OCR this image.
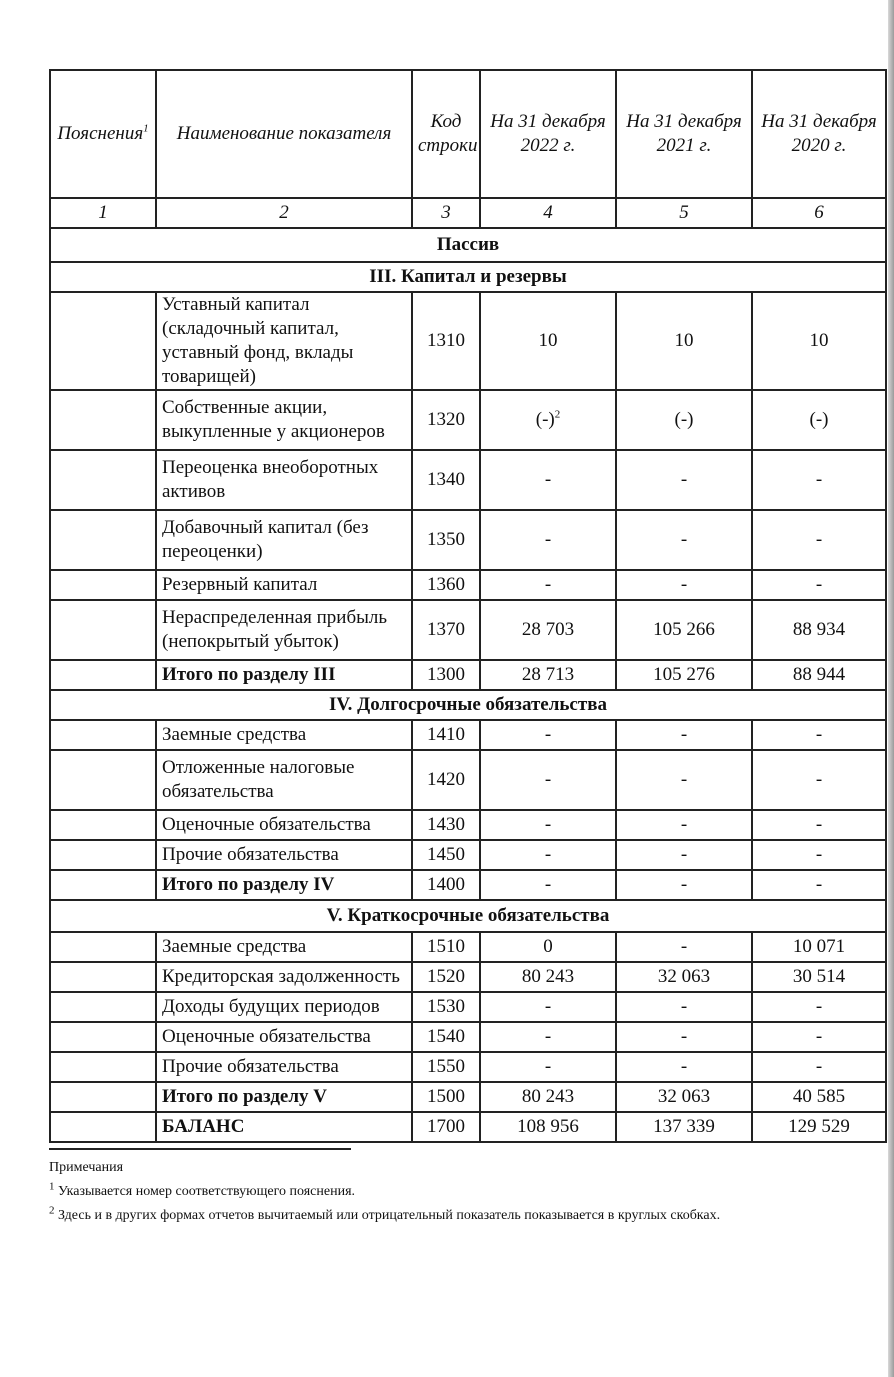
Пояснения$^1$	Наименование показателя	Код строки	На 31 декабря 2022 г.	На 31 декабря 2021 г.	На 31 декабря 2020 г.
1	2	3	4	5	6
Пассив					
III. Капитал и резервы					
	Уставный капитал (складочный капитал, уставный фонд, вклады товарищей)	1310	10	10	10
	Собственные акции, выкупленные у акционеров	1320	$(-)^2$	(-)	(-)
	Переоценка внеоборотных активов	1340	-	-	-
	Добавочный капитал (без переоценки)	1350	-	-	-
	Резервный капитал	1360	-	-	-
	Нераспределенная прибыль (непокрытый убыток)	1370	28 703	105 266	88 934
	Итого по разделу III	1300	28 713	105 276	88 944
IV. Долгосрочные обязательства					
	Заемные средства	1410	-	-	-
	Отложенные налоговые обязательства	1420	-	-	-
	Оценочные обязательства	1430	-	-	-
	Прочие обязательства	1450	-	-	-
	Итого по разделу IV	1400	-	-	-
V. Краткосрочные обязательства					
	Заемные средства	1510	0	-	10 071
	Кредиторская задолженность	1520	80 243	32 063	30 514
	Доходы будущих периодов	1530	-	-	-
	Оценочные обязательства	1540	-	-	-
	Прочие обязательства	1550	-	-	-
	Итого по разделу V	1500	80 243	32 063	40 585
	БАЛАНС	1700	108 956	137 339	129 529

Примечания

$^1$ Указывается номер соответствующего пояснения.

$^2$ Здесь и в других формах отчетов вычитаемый или отрицательный показатель показывается в круглых скобках.
